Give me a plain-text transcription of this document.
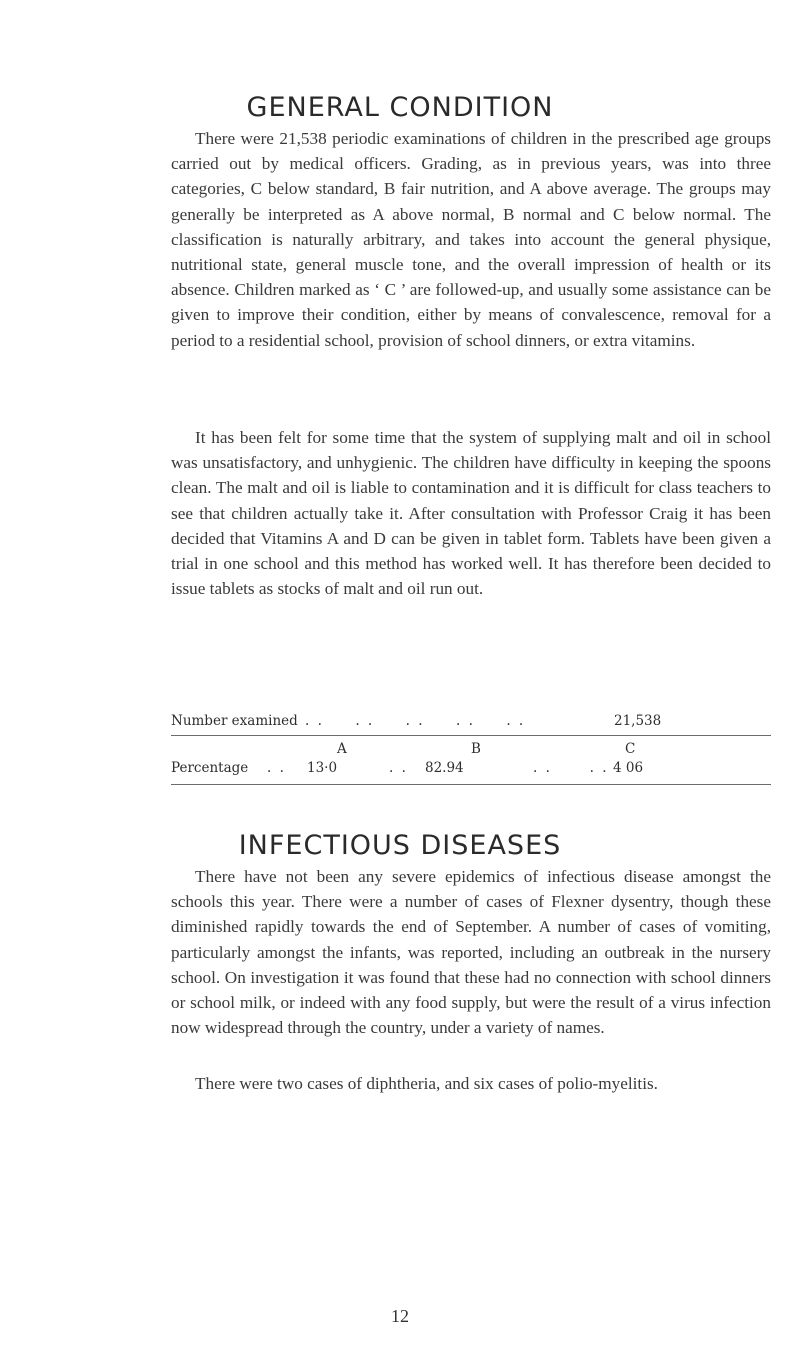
GENERAL CONDITION

There were 21,538 periodic examinations of children in the prescribed age groups carried out by medical officers. Grading, as in previous years, was into three categories, C below standard, B fair nutrition, and A above average. The groups may generally be interpreted as A above normal, B normal and C below normal. The classification is naturally arbitrary, and takes into account the general physique, nutritional state, general muscle tone, and the overall impression of health or its absence. Children marked as ‘ C ’ are followed-up, and usually some assistance can be given to improve their condition, either by means of convalescence, removal for a period to a residential school, provision of school dinners, or extra vitamins.

It has been felt for some time that the system of supplying malt and oil in school was unsatisfactory, and unhygienic. The children have difficulty in keeping the spoons clean. The malt and oil is liable to contamination and it is difficult for class teachers to see that children actually take it. After consultation with Professor Craig it has been decided that Vitamins A and D can be given in tablet form. Tablets have been given a trial in one school and this method has worked well. It has therefore been decided to issue tablets as stocks of malt and oil run out.

Number examined . .     . .     . .     . .     . .	21,538
A	B	C
Percentage . . 13·0	. . 82.94	. .      . . 4 06
INFECTIOUS DISEASES

There have not been any severe epidemics of infectious disease amongst the schools this year. There were a number of cases of Flexner dysentry, though these diminished rapidly towards the end of September. A number of cases of vomiting, particularly amongst the infants, was reported, including an outbreak in the nursery school. On investigation it was found that these had no connection with school dinners or school milk, or indeed with any food supply, but were the result of a virus infection now widespread through the country, under a variety of names.

There were two cases of diphtheria, and six cases of polio-myelitis.

12
